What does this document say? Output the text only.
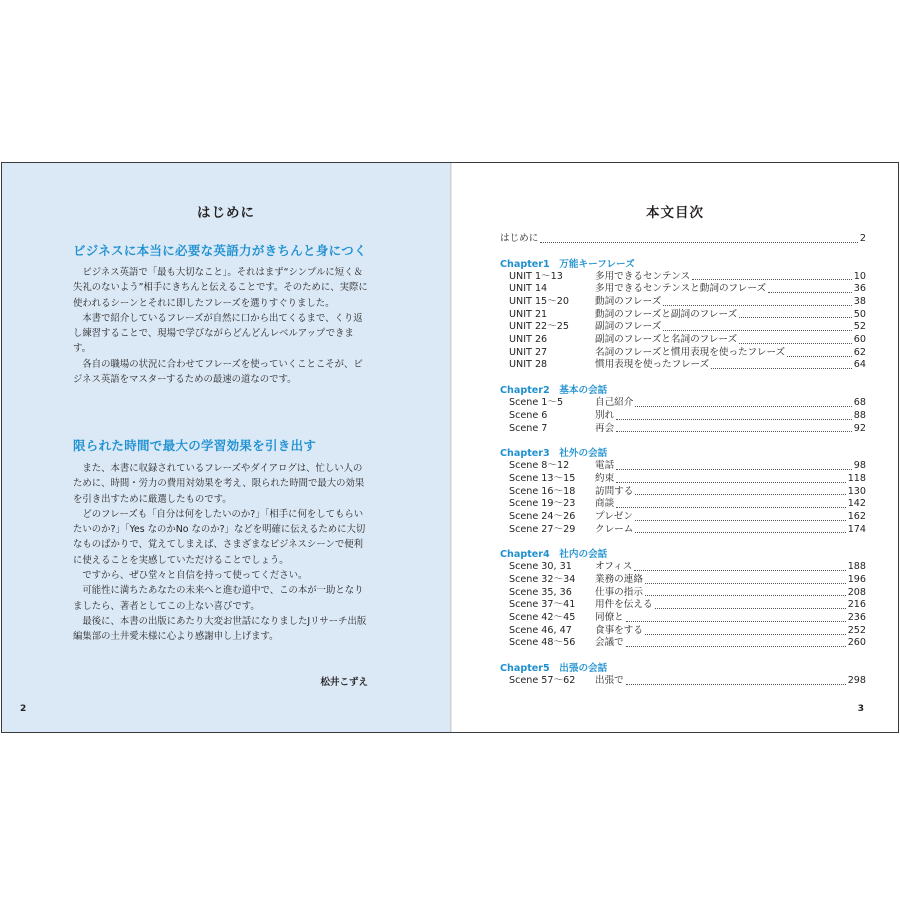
はじめに
ビジネスに本当に必要な英語力がきちんと身につく

ビジネス英語で「最も大切なこと」。それはまず“シンプルに短く＆失礼のないよう”相手にきちんと伝えることです。そのために、実際に使われるシーンとそれに即したフレーズを選りすぐりました。

本書で紹介しているフレーズが自然に口から出てくるまで、くり返し練習することで、現場で学びながらどんどんレベルアップできます。

各自の職場の状況に合わせてフレーズを使っていくことこそが、ビジネス英語をマスターするための最速の道なのです。

限られた時間で最大の学習効果を引き出す

また、本書に収録されているフレーズやダイアログは、忙しい人のために、時間・労力の費用対効果を考え、限られた時間で最大の効果を引き出すために厳選したものです。

どのフレーズも「自分は何をしたいのか?」「相手に何をしてもらいたいのか?」「Yes なのかNo なのか?」などを明確に伝えるために大切なものばかりで、覚えてしまえば、さまざまなビジネスシーンで便利に使えることを実感していただけることでしょう。

ですから、ぜひ堂々と自信を持って使ってください。

可能性に満ちたあなたの未来へと進む道中で、この本が一助となりましたら、著者としてこの上ない喜びです。

最後に、本書の出版にあたり大変お世話になりましたJリサーチ出版編集部の土井愛未様に心より感謝申し上げます。

松井こずえ
2
本文目次
はじめに	2
Chapter1　万能キーフレーズ
UNIT 1～13	多用できるセンテンス	10
UNIT 14	多用できるセンテンスと動詞のフレーズ	36
UNIT 15～20	動詞のフレーズ	38
UNIT 21	動詞のフレーズと副詞のフレーズ	50
UNIT 22～25	副詞のフレーズ	52
UNIT 26	副詞のフレーズと名詞のフレーズ	60
UNIT 27	名詞のフレーズと慣用表現を使ったフレーズ	62
UNIT 28	慣用表現を使ったフレーズ	64
Chapter2　基本の会話
Scene 1～5	自己紹介	68
Scene 6	別れ	88
Scene 7	再会	92
Chapter3　社外の会話
Scene 8～12	電話	98
Scene 13～15	約束	118
Scene 16～18	訪問する	130
Scene 19～23	商談	142
Scene 24～26	プレゼン	162
Scene 27～29	クレーム	174
Chapter4　社内の会話
Scene 30, 31	オフィス	188
Scene 32～34	業務の連絡	196
Scene 35, 36	仕事の指示	208
Scene 37～41	用件を伝える	216
Scene 42～45	同僚と	236
Scene 46, 47	食事をする	252
Scene 48～56	会議で	260
Chapter5　出張の会話
Scene 57～62	出張で	298
3
